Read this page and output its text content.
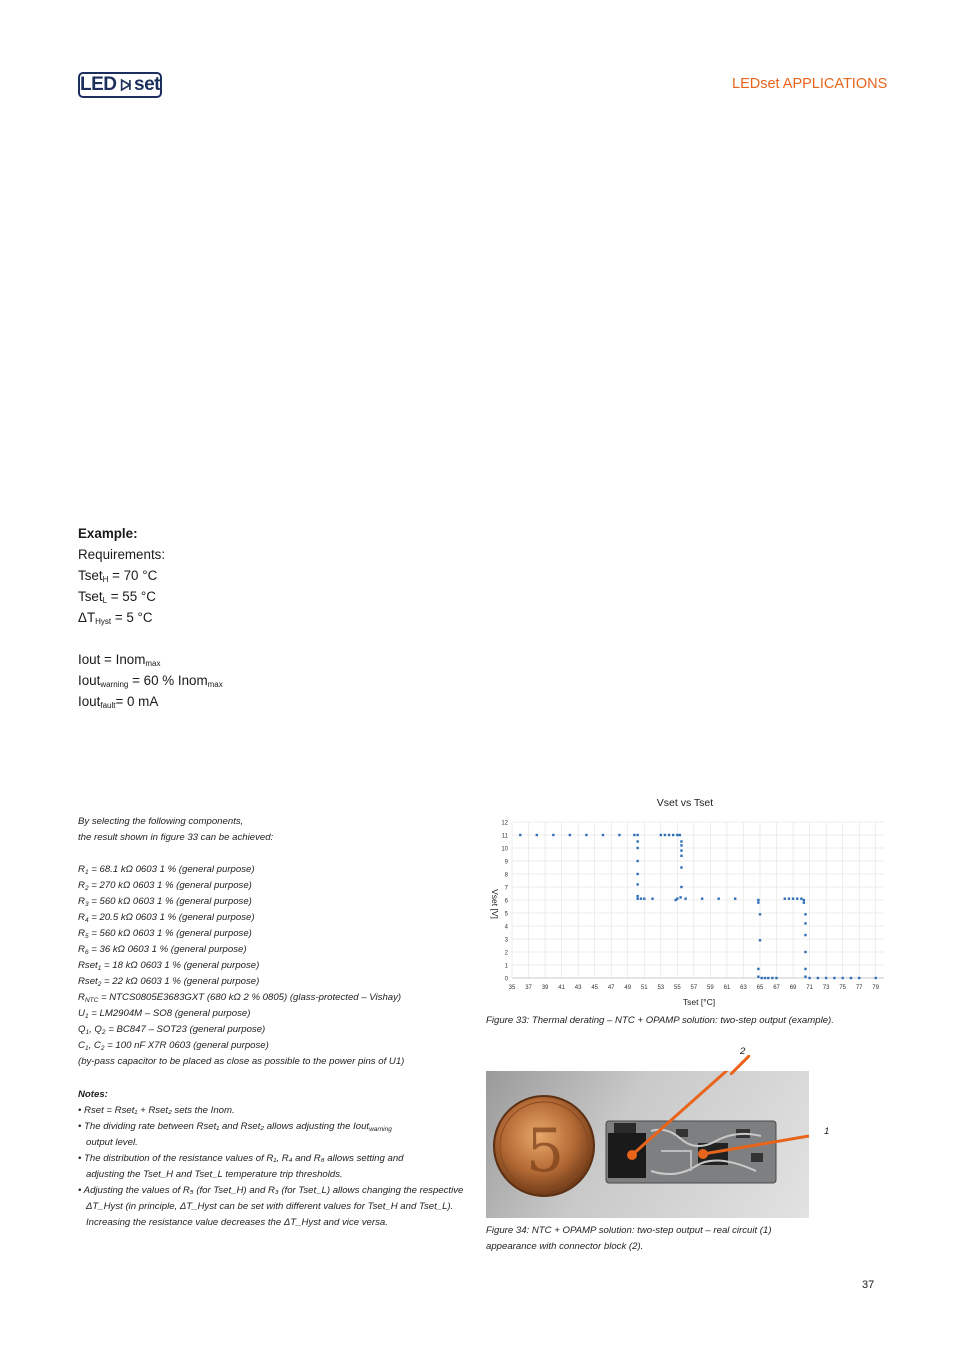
LED set	LEDset APPLICATIONS
Example:
Requirements:
Tset$_H$ = 70 °C
Tset$_L$ = 55 °C
$\Delta T_{Hyst} = 5$ °C
Iout = Inom$_{max}$
Iout$_{warning}$ = 60 % Inom$_{max}$
Iout$_{fault}$= 0 mA
By selecting the following components,
the result shown in figure 33 can be achieved:
$R_1 = 68.1$ kΩ 0603 1 % (general purpose)
$R_2 = 270$ kΩ 0603 1 % (general purpose)
$R_3 = 560$ kΩ 0603 1 % (general purpose)
$R_4 = 20.5$ kΩ 0603 1 % (general purpose)
$R_5 = 560$ kΩ 0603 1 % (general purpose)
$R_6 = 36$ kΩ 0603 1 % (general purpose)
Rset$_1$ = 18 kΩ 0603 1 % (general purpose)
Rset$_2$ = 22 kΩ 0603 1 % (general purpose)
$R_{NTC}$ = NTCS0805E3683GXT (680 kΩ 2 % 0805) (glass-protected – Vishay)
$U_1 = LM2904M - SO8$ (general purpose)
$Q_1$, $Q_2 = BC847 - SOT23$ (general purpose)
$C_1$, $C_2 = 100$ nF X7R 0603 (general purpose)
(by-pass capacitor to be placed as close as possible to the power pins of U1)
Notes:
• Rset = Rset₁ + Rset₂ sets the Inom.
• The dividing rate between Rset₁ and Rset₂ allows adjusting the Iout$_{warning}$
output level.
• The distribution of the resistance values of R₁, R₄ and R₆ allows setting and
adjusting the Tset_H and Tset_L temperature trip thresholds.
• Adjusting the values of R₅ (for Tset_H) and R₃ (for Tset_L) allows changing the respective
ΔT_Hyst (in principle, ΔT_Hyst can be set with different values for Tset_H and Tset_L).
Increasing the resistance value decreases the ΔT_Hyst and vice versa.
Vset vs Tset
0
1
2
3
4
5
6
7
8
9
10
11
12
35 37 39 41 43 45 47 49 51 53 55 57 59 61 63 65 67 69 71 73 75 77 79
Tset [°C]
Vset [V]
Figure 33: Thermal derating – NTC + OPAMP solution: two-step output (example).
5
2
1
Figure 34: NTC + OPAMP solution: two-step output – real circuit (1)
appearance with connector block (2).
37
